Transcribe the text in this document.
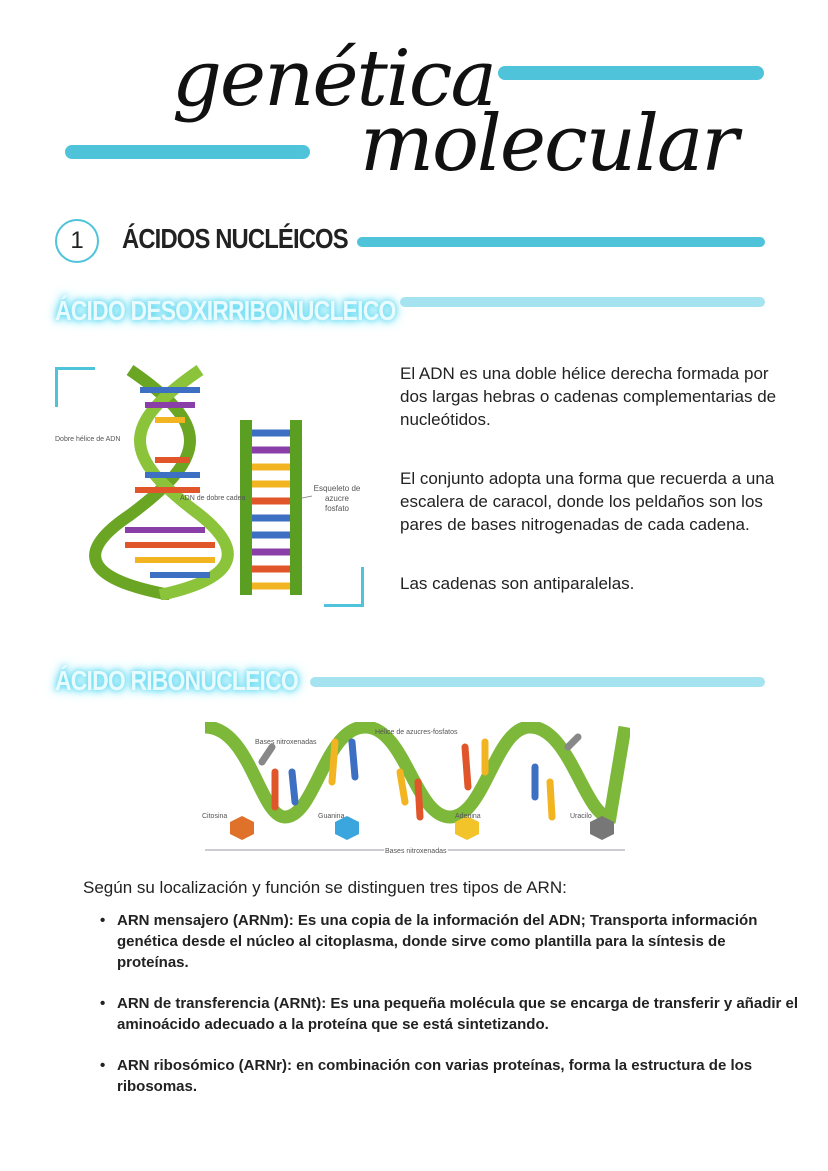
genética
molecular
1	ÁCIDOS NUCLÉICOS
ÁCIDO DESOXIRRIBONUCLEICO
Dobre hélice de ADN
ADN de dobre cadea
Esqueleto de azucre fosfato
El ADN es una doble hélice derecha formada por dos largas hebras o cadenas complementarias de nucleótidos.
El conjunto adopta una forma que recuerda a una escalera de caracol, donde los peldaños son los pares de bases nitrogenadas de cada cadena.
Las cadenas son antiparalelas.
ÁCIDO RIBONUCLEICO
Bases nitroxenadas
Hélice de azucres-fosfatos
Citosina	Guanina	Adenina	Uracilo
Bases nitroxenadas
Según su localización y función se distinguen tres tipos de ARN:
• ARN mensajero (ARNm): Es una copia de la información del ADN; Transporta información genética desde el núcleo al citoplasma, donde sirve como plantilla para la síntesis de proteínas.
• ARN de transferencia (ARNt): Es una pequeña molécula que se encarga de transferir y añadir el aminoácido adecuado a la proteína que se está sintetizando.
• ARN ribosómico (ARNr): en combinación con varias proteínas, forma la estructura de los ribosomas.
